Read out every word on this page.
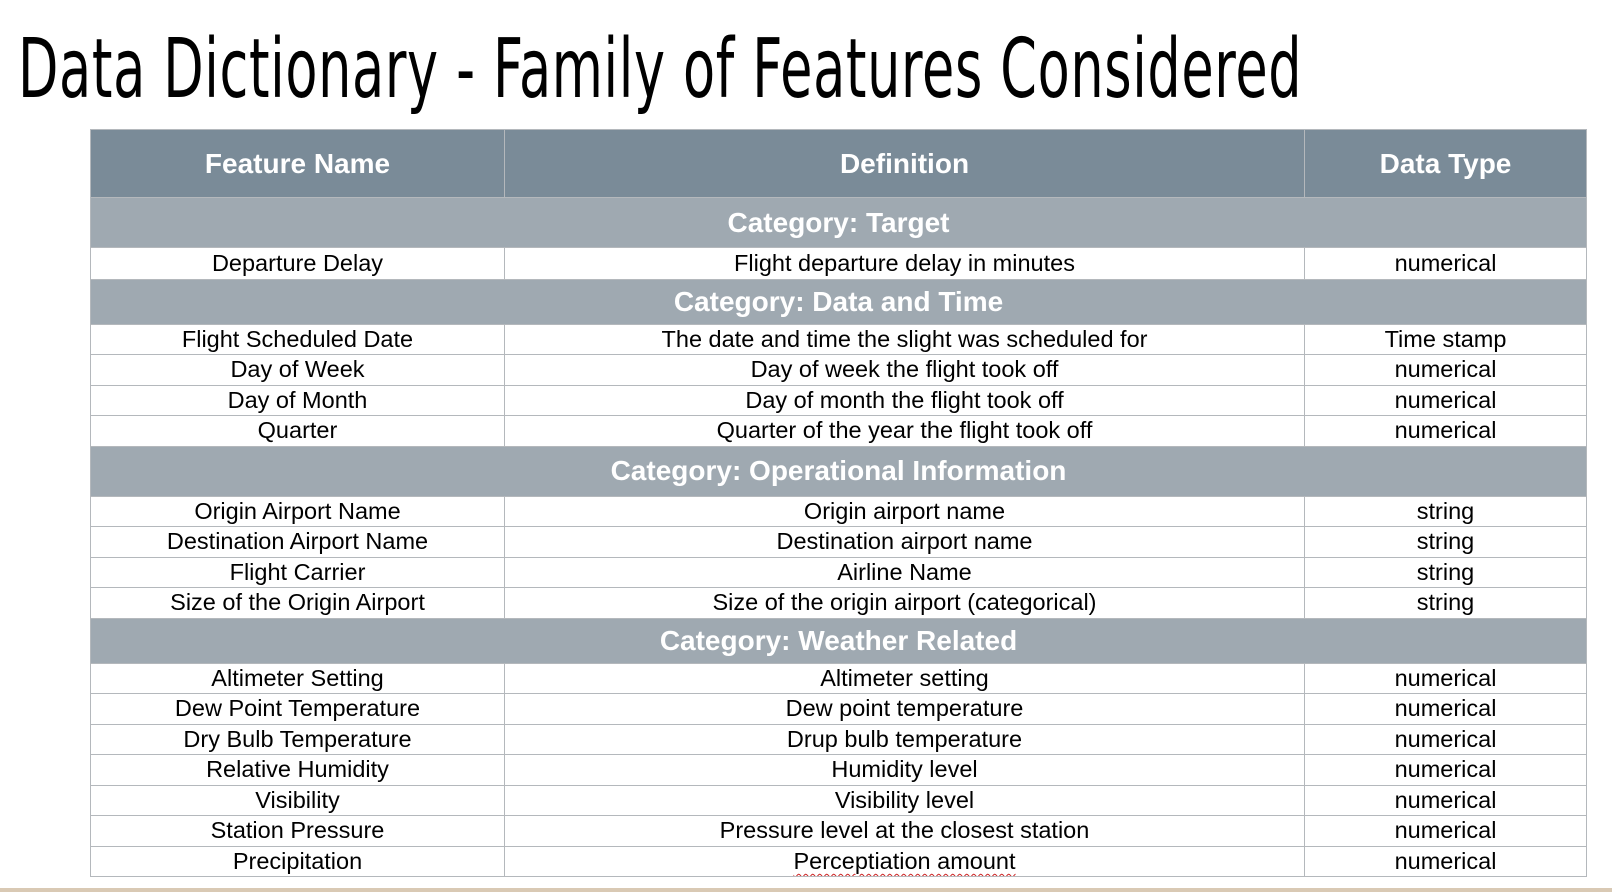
Data Dictionary - Family of Features Considered
Feature Name	Definition	Data Type
Category: Target		
Departure Delay	Flight departure delay in minutes	numerical
Category: Data and Time		
Flight Scheduled Date	The date and time the slight was scheduled for	Time stamp
Day of Week	Day of week the flight took off	numerical
Day of Month	Day of month the flight took off	numerical
Quarter	Quarter of the year the flight took off	numerical
Category: Operational Information		
Origin Airport Name	Origin airport name	string
Destination Airport Name	Destination airport name	string
Flight Carrier	Airline Name	string
Size of the Origin Airport	Size of the origin airport (categorical)	string
Category: Weather Related		
Altimeter Setting	Altimeter setting	numerical
Dew Point Temperature	Dew point temperature	numerical
Dry Bulb Temperature	Drup bulb temperature	numerical
Relative Humidity	Humidity level	numerical
Visibility	Visibility level	numerical
Station Pressure	Pressure level at the closest station	numerical
Precipitation	Perceptiation amount	numerical
